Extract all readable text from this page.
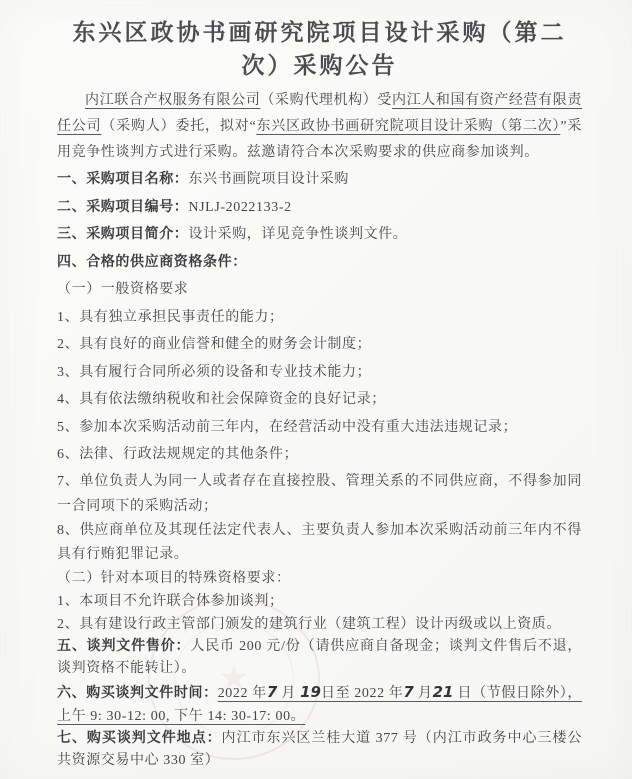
★
东兴区政协书画研究院项目设计采购（第二次）采购公告

内江联合产权服务有限公司（采购代理机构）受内江人和国有资产经营有限责任公司（采购人）委托，拟对“东兴区政协书画研究院项目设计采购（第二次）”采用竞争性谈判方式进行采购。兹邀请符合本次采购要求的供应商参加谈判。

一、采购项目名称：东兴书画院项目设计采购

二、采购项目编号：NJLJ-2022133-2

三、采购项目简介：设计采购，详见竞争性谈判文件。

四、合格的供应商资格条件：

（一）一般资格要求

1、具有独立承担民事责任的能力；

2、具有良好的商业信誉和健全的财务会计制度；

3、具有履行合同所必须的设备和专业技术能力；

4、具有依法缴纳税收和社会保障资金的良好记录；

5、参加本次采购活动前三年内，在经营活动中没有重大违法违规记录；

6、法律、行政法规规定的其他条件；

7、单位负责人为同一人或者存在直接控股、管理关系的不同供应商，不得参加同一合同项下的采购活动；

8、供应商单位及其现任法定代表人、主要负责人参加本次采购活动前三年内不得具有行贿犯罪记录。

（二）针对本项目的特殊资格要求：

1、本项目不允许联合体参加谈判；

2、具有建设行政主管部门颁发的建筑行业（建筑工程）设计丙级或以上资质。

五、谈判文件售价：人民币 200 元/份（请供应商自备现金；谈判文件售后不退，谈判资格不能转让）。

六、购买谈判文件时间：2022 年7 月 19日至 2022 年7 月21 日（节假日除外），上午 9: 30-12: 00, 下午 14: 30-17: 00。

七、购买谈判文件地点：内江市东兴区兰桂大道 377 号（内江市政务中心三楼公共资源交易中心 330 室）
